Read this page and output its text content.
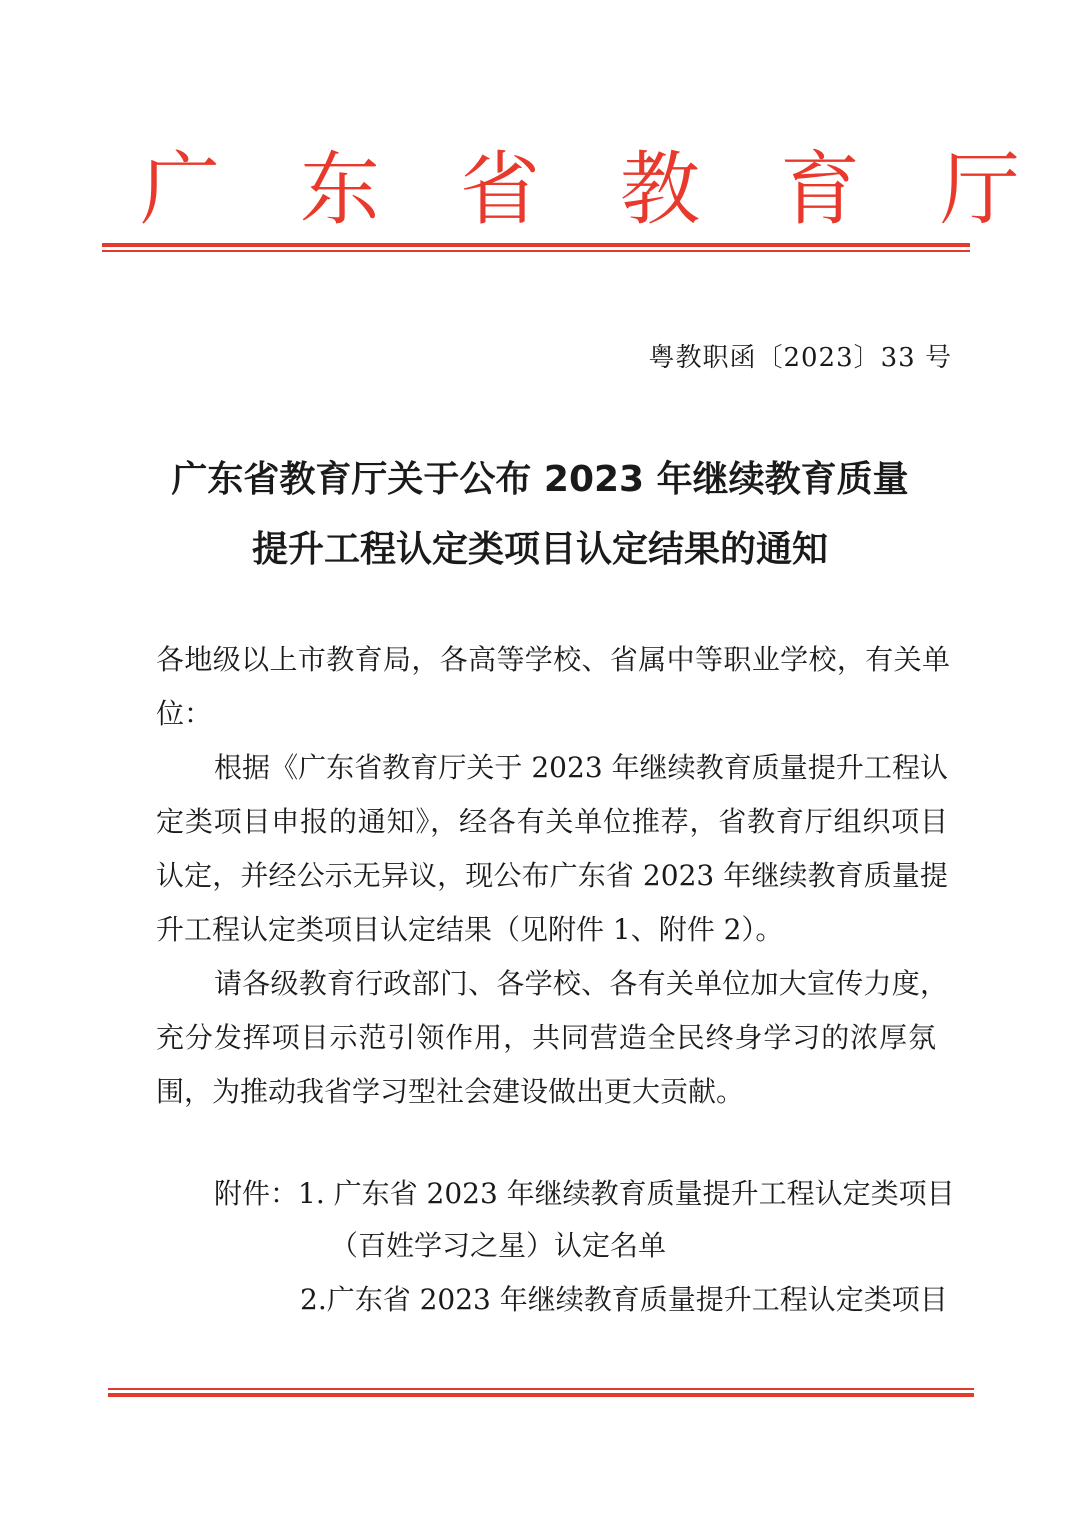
广	东	省	教	育	厅
粤教职函〔2023〕33 号
广东省教育厅关于公布 2023 年继续教育质量
提升工程认定类项目认定结果的通知
各地级以上市教育局，各高等学校、省属中等职业学校，有关单
位：
根据《广东省教育厅关于 2023 年继续教育质量提升工程认
定类项目申报的通知》，经各有关单位推荐，省教育厅组织项目
认定，并经公示无异议，现公布广东省 2023 年继续教育质量提
升工程认定类项目认定结果（见附件 1、附件 2）。
请各级教育行政部门、各学校、各有关单位加大宣传力度，
充分发挥项目示范引领作用，共同营造全民终身学习的浓厚氛
围，为推动我省学习型社会建设做出更大贡献。
附件：1. 广东省 2023 年继续教育质量提升工程认定类项目
（百姓学习之星）认定名单
2.广东省 2023 年继续教育质量提升工程认定类项目
